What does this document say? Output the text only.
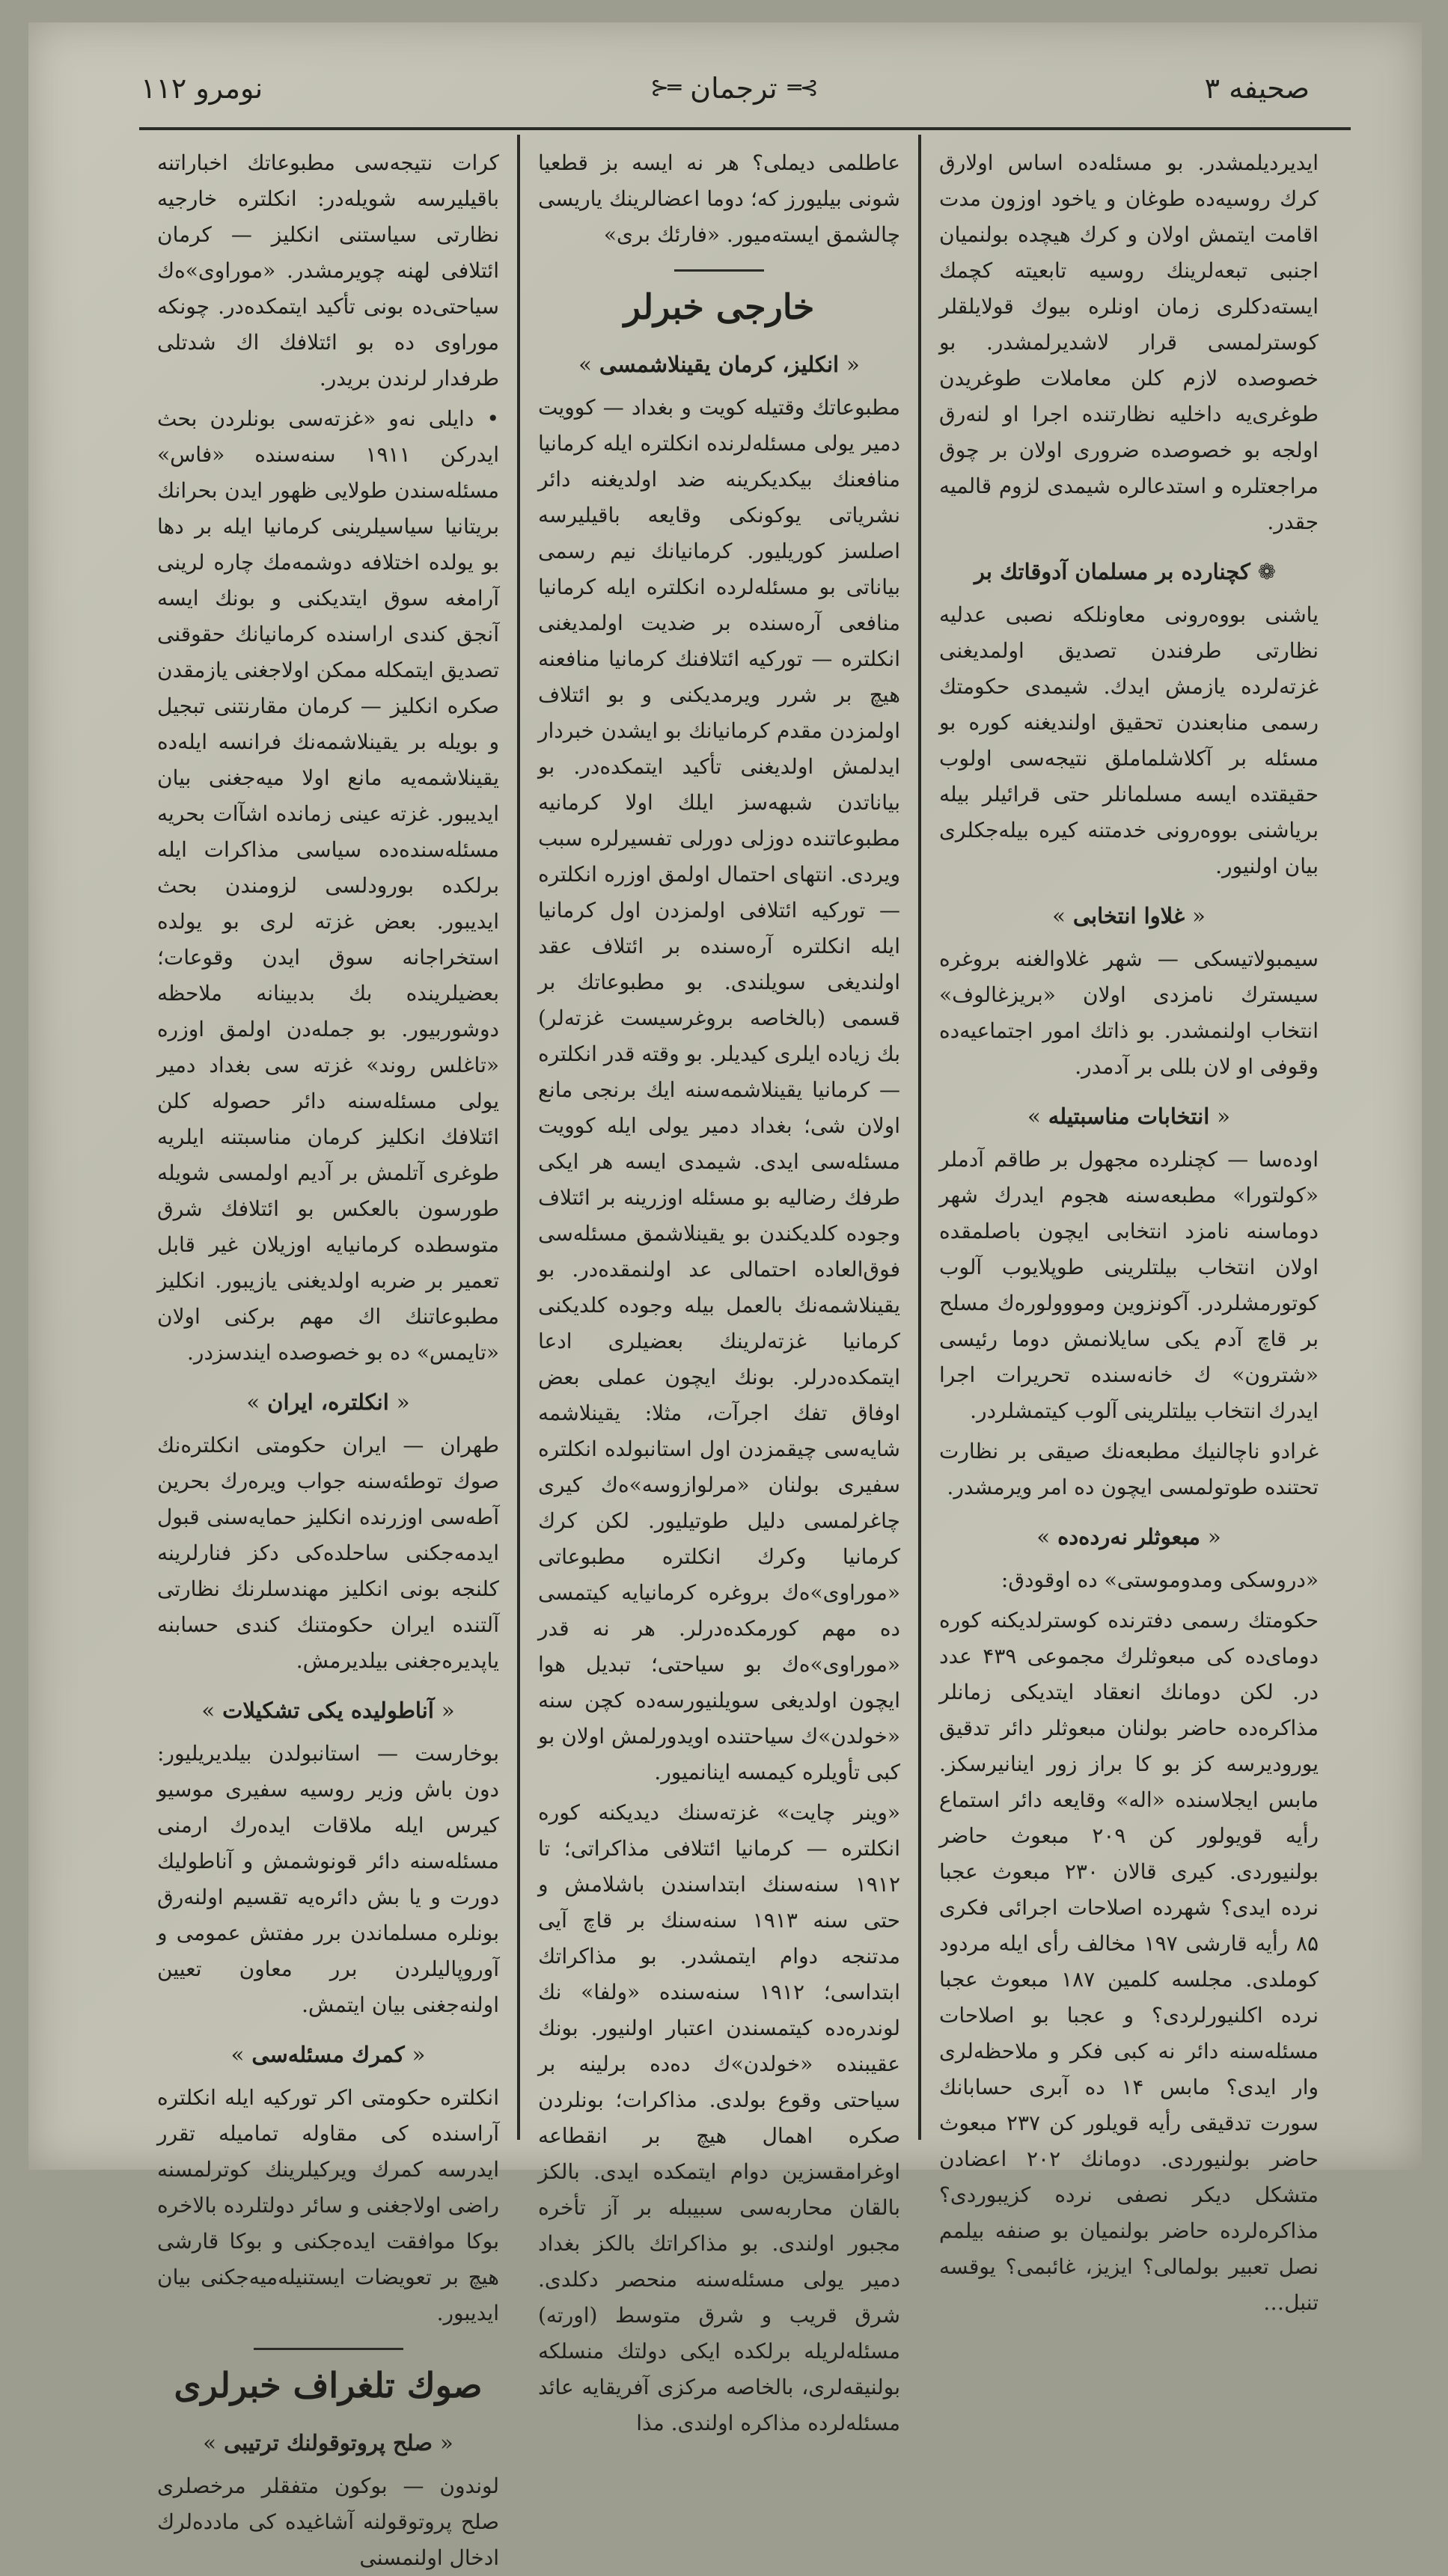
صحیفه ۳
⊱═
ترجمان
═⊰
نومرو ۱۱۲

ایدیردیلمشدر. بو مسئله‌ده اساس اولارق کرك روسیه‌ده طوغان و یاخود اوزون مدت اقامت ایتمش اولان و کرك هیچده بولنمیان اجنبی تبعه‌لرینك روسیه تابعیته کچمك ایسته‌دکلری زمان اونلره بیوك قولایلقلر کوسترلمسی قرار لاشدیرلمشدر. بو خصوصده لازم کلن معاملات طوغریدن طوغری‌یه داخلیه نظارتنده اجرا او لنه‌رق اولجه بو خصوصده ضروری اولان بر چوق مراجعتلره و استدعالره شیمدی لزوم قالمیه جقدر.

❁کچنارده بر مسلمان آدوقاتك بر

یاشنی بووه‌رونی معاونلکه نصبی عدلیه نظارتی طرفندن تصدیق اولمدیغنی غزته‌لرده یازمش ایدك. شیمدی حکومتك رسمی منابعندن تحقیق اولندیغنه کوره بو مسئله بر آکلاشلماملق نتیجه‌سی اولوب حقیقتده ایسه مسلمانلر حتی قرائیلر بیله بریاشنی بووه‌رونی خدمتنه کیره بیله‌جکلری بیان اولنیور.

«غلاوا انتخابی»

سیمبولاتیسکی — شهر غلاوالغنه بروغره سیسترك نامزدی اولان «بریزغالوف» انتخاب اولنمشدر. بو ذاتك امور اجتماعیه‌ده وقوفی او لان بللی بر آدمدر.

«انتخابات مناسبتیله»

اوده‌سا — کچنلرده مجهول بر طاقم آدملر «کولتورا» مطبعه‌سنه هجوم ایدرك شهر دوماسنه نامزد انتخابی ایچون باصلمقده اولان انتخاب بیلتلرینی طوپلایوب آلوب کوتورمشلردر. آکونزوین ومووولوره‌ك مسلح بر قاچ آدم یکی سایلانمش دوما رئیسی «شترون» ك خانه‌سنده تحریرات اجرا ایدرك انتخاب بیلتلرینی آلوب کیتمشلردر.

غرادو ناچالنیك مطبعه‌نك صیقی بر نظارت تحتنده طوتولمسی ایچون ده امر ویرمشدر.

«مبعوثلر نه‌رده‌ده»

«دروسکی ومدوموستی» ده اوقودق:

حکومتك رسمی دفترنده کوسترلدیکنه کوره دومای‌ده کی مبعوثلرك مجموعی ۴۳۹ عدد در. لکن دومانك انعقاد ایتدیکی زمانلر مذاکره‌ده حاضر بولنان مبعوثلر دائر تدقیق یورودیرسه کز بو کا براز زور اینانیرسکز. مابس ایجلاسنده «اله» وقایعه دائر استماع رأیه قویولور کن ۲۰۹ مبعوث حاضر بولنیوردی. کیری قالان ۲۳۰ مبعوث عجبا نرده ایدی؟ شهرده اصلاحات اجرائی فکری ۸۵ رأیه قارشی ۱۹۷ مخالف رأی ایله مردود کوملدی. مجلسه کلمین ۱۸۷ مبعوث عجبا نرده اکلنیورلردی؟ و عجبا بو اصلاحات مسئله‌سنه دائر نه کبی فکر و ملاحظه‌لری وار ایدی؟ مابس ۱۴ ده آبری حسابانك سورت تدقیقی رأیه قویلور کن ۲۳۷ مبعوث حاضر بولنیوردی. دومانك ۲۰۲ اعضادن متشکل دیکر نصفی نرده کزیبوردی؟ مذاکره‌لرده حاضر بولنمیان بو صنفه بیلمم نصل تعبیر بولمالی؟ ایزیز، غائبمی؟ یوقسه تنبل…

عاطلمی دیملی؟ هر نه ایسه بز قطعیا شونی بیلیورز که؛ دوما اعضالرینك یاریسی چالشمق ایسته‌میور. «فارئك بری»

خارجی خبرلر
«انکلیز، کرمان یقینلاشمسی»

مطبوعاتك وقتیله کویت و بغداد — کوویت دمیر یولی مسئله‌لرنده انکلتره ایله کرمانیا منافعنك بیکدیکرینه ضد اولدیغنه دائر نشریاتی یوکونکی وقایعه باقیلیرسه اصلسز کوریلیور. کرمانیانك نیم رسمی بیاناتی بو مسئله‌لرده انکلتره ایله کرمانیا منافعی آره‌سنده بر ضدیت اولمدیغنی انکلتره — تورکیه ائتلافنك کرمانیا منافعنه هیچ بر شرر ویرمدیکنی و بو ائتلاف اولمزدن مقدم کرمانیانك بو ایشدن خبردار ایدلمش اولدیغنی تأکید ایتمکده‌در. بو بیاناتدن شبهه‌سز ایلك اولا کرمانیه مطبوعاتنده دوزلی دورلی تفسیرلره سبب ویردی. انتهای احتمال اولمق اوزره انکلتره — تورکیه ائتلافی اولمزدن اول کرمانیا ایله انکلتره آره‌سنده بر ائتلاف عقد اولندیغی سویلندی. بو مطبوعاتك بر قسمی (بالخاصه بروغرسیست غزته‌لر) بك زیاده ایلری کیدیلر. بو وقته قدر انکلتره — کرمانیا یقینلاشمه‌سنه ایك برنجی مانع اولان شی؛ بغداد دمیر یولی ایله کوویت مسئله‌سی ایدی. شیمدی ایسه هر ایکی طرفك رضالیه بو مسئله اوزرینه بر ائتلاف وجوده کلدیکندن بو یقینلاشمق مسئله‌سی فوق‌العاده احتمالی عد اولنمقده‌در. بو یقینلاشمه‌نك بالعمل بیله وجوده کلدیکنی کرمانیا غزته‌لرینك بعضیلری ادعا ایتمکده‌درلر. بونك ایچون عملی بعض اوفاق تفك اجرآت، مثلا: یقینلاشمه شایه‌سی چیقمزدن اول استانبولده انکلتره سفیری بولنان «مرلوازوسه»ه‌ك کیری چاغرلمسی دلیل طوتیلیور. لکن کرك کرمانیا وکرك انکلتره مطبوعاتی «موراوی»ه‌ك بروغره کرمانیایه کیتمسی ده مهم کورمکده‌درلر. هر نه قدر «موراوی»ه‌ك بو سیاحتی؛ تبدیل هوا ایچون اولدیغی سویلنیورسه‌ده کچن سنه «خولدن»ك سیاحتنده اویدورلمش اولان بو کبی تأویلره کیمسه اینانمیور.

«وینر چایت» غزته‌سنك دیدیکنه کوره انکلتره — کرمانیا ائتلافی مذاکراتی؛ تا ۱۹۱۲ سنه‌سنك ابتداسندن باشلامش و حتی سنه ۱۹۱۳ سنه‌سنك بر قاچ آیی مدتنجه دوام ایتمشدر. بو مذاکراتك ابتداسی؛ ۱۹۱۲ سنه‌سنده «ولفا» نك لوندره‌ده کیتمسندن اعتبار اولنیور. بونك عقیبنده «خولدن»ك ده‌ده برلینه بر سیاحتی وقوع بولدی. مذاکرات؛ بونلردن صکره اهمال هیچ بر انقطاعه اوغرامقسزین دوام ایتمکده ایدی. بالکز بالقان محاربه‌سی سبیبله بر آز تأخره مجبور اولندی. بو مذاکراتك بالکز بغداد دمیر یولی مسئله‌سنه منحصر دکلدی. شرق قریب و شرق متوسط (اورته) مسئله‌لریله برلکده ایکی دولتك منسلکه بولنیقه‌لری، بالخاصه مرکزی آفریقایه عائد مسئله‌لرده مذاکره اولندی. مذا

کرات نتیجه‌سی مطبوعاتك اخباراتنه باقیلیرسه شویله‌در: انکلتره خارجیه نظارتی سیاستنی انکلیز — کرمان ائتلافی لهنه چویرمشدر. «موراوی»ه‌ك سیاحتی‌ده بونی تأکید ایتمکده‌در. چونکه موراوی ده بو ائتلافك اك شدتلی طرفدار لرندن بریدر.

• دایلی نه‌و «غزته‌سی بونلردن بحث ایدرکن ۱۹۱۱ سنه‌سنده «فاس» مسئله‌سندن طولایی ظهور ایدن بحرانك بریتانیا سیاسیلرینی کرمانیا ایله بر دها بو یولده اختلافه دوشمه‌مك چاره لرینی آرامغه سوق ایتدیکنی و بونك ایسه آنجق کندی اراسنده کرمانیانك حقوقنی تصدیق ایتمکله ممکن اولاجغنی یازمقدن صکره انکلیز — کرمان مقارنتنی تبجیل و بویله بر یقینلاشمه‌نك فرانسه ایله‌ده یقینلاشمه‌یه مانع اولا میه‌جغنی بیان ایدیبور. غزته عینی زمانده اشآات بحریه مسئله‌سنده‌ده سیاسی مذاکرات ایله برلکده بورودلسی لزومندن بحث ایدیبور. بعض غزته لری بو یولده استخراجانه سوق ایدن وقوعات؛ بعضیلرینده بك بدبینانه ملاحظه دوشوربیور. بو جمله‌دن اولمق اوزره «تاغلس روند» غزته سی بغداد دمیر یولی مسئله‌سنه دائر حصوله کلن ائتلافك انکلیز کرمان مناسبتنه ایلریه طوغری آتلمش بر آدیم اولمسی شویله طورسون بالعکس بو ائتلافك شرق متوسطده کرمانیایه اوزیلان غیر قابل تعمیر بر ضربه اولدیغنی یازیبور. انکلیز مطبوعاتنك اك مهم برکنی اولان «تایمس» ده بو خصوصده ایندسزدر.

«انکلتره، ایران»

طهران — ایران حکومتی انکلتره‌نك صوك توطئه‌سنه جواب ویره‌رك بحرین آطه‌سی اوزرنده انکلیز حمایه‌سنی قبول ایدمه‌جکنی ساحلده‌کی دکز فنارلرینه کلنجه بونی انکلیز مهندسلرنك نظارتی آلتنده ایران حکومتنك کندی حسابنه یاپدیره‌جغنی بیلدیرمش.

«آناطولیده یکی تشکیلات»

بوخارست — استانبولدن بیلدیریلیور: دون باش وزیر روسیه سفیری موسیو کیرس ایله ملاقات ایده‌رك ارمنی مسئله‌سنه دائر قونوشمش و آناطولیك دورت و یا بش دائره‌یه تقسیم اولنه‌رق بونلره مسلماندن برر مفتش عمومی و آوروپالیلردن برر معاون تعیین اولنه‌جغنی بیان ایتمش.

«کمرك مسئله‌سی»

انکلتره حکومتی اکر تورکیه ایله انکلتره آراسنده کی مقاوله تمامیله تقرر ایدرسه کمرك ویرکیلرینك کوترلمسنه راضی اولاجغنی و سائر دولتلرده بالاخره بوکا موافقت ایده‌جکنی و بوکا قارشی هیچ بر تعویضات ایستنیله‌میه‌جکنی بیان ایدیبور.

صوك تلغراف خبرلری
«صلح پروتوقولنك ترتیبی»

لوندون — بوکون متفقلر مرخصلری صلح پروتوقولنه آشاغیده کی مادده‌لرك ادخال اولنمسنی
